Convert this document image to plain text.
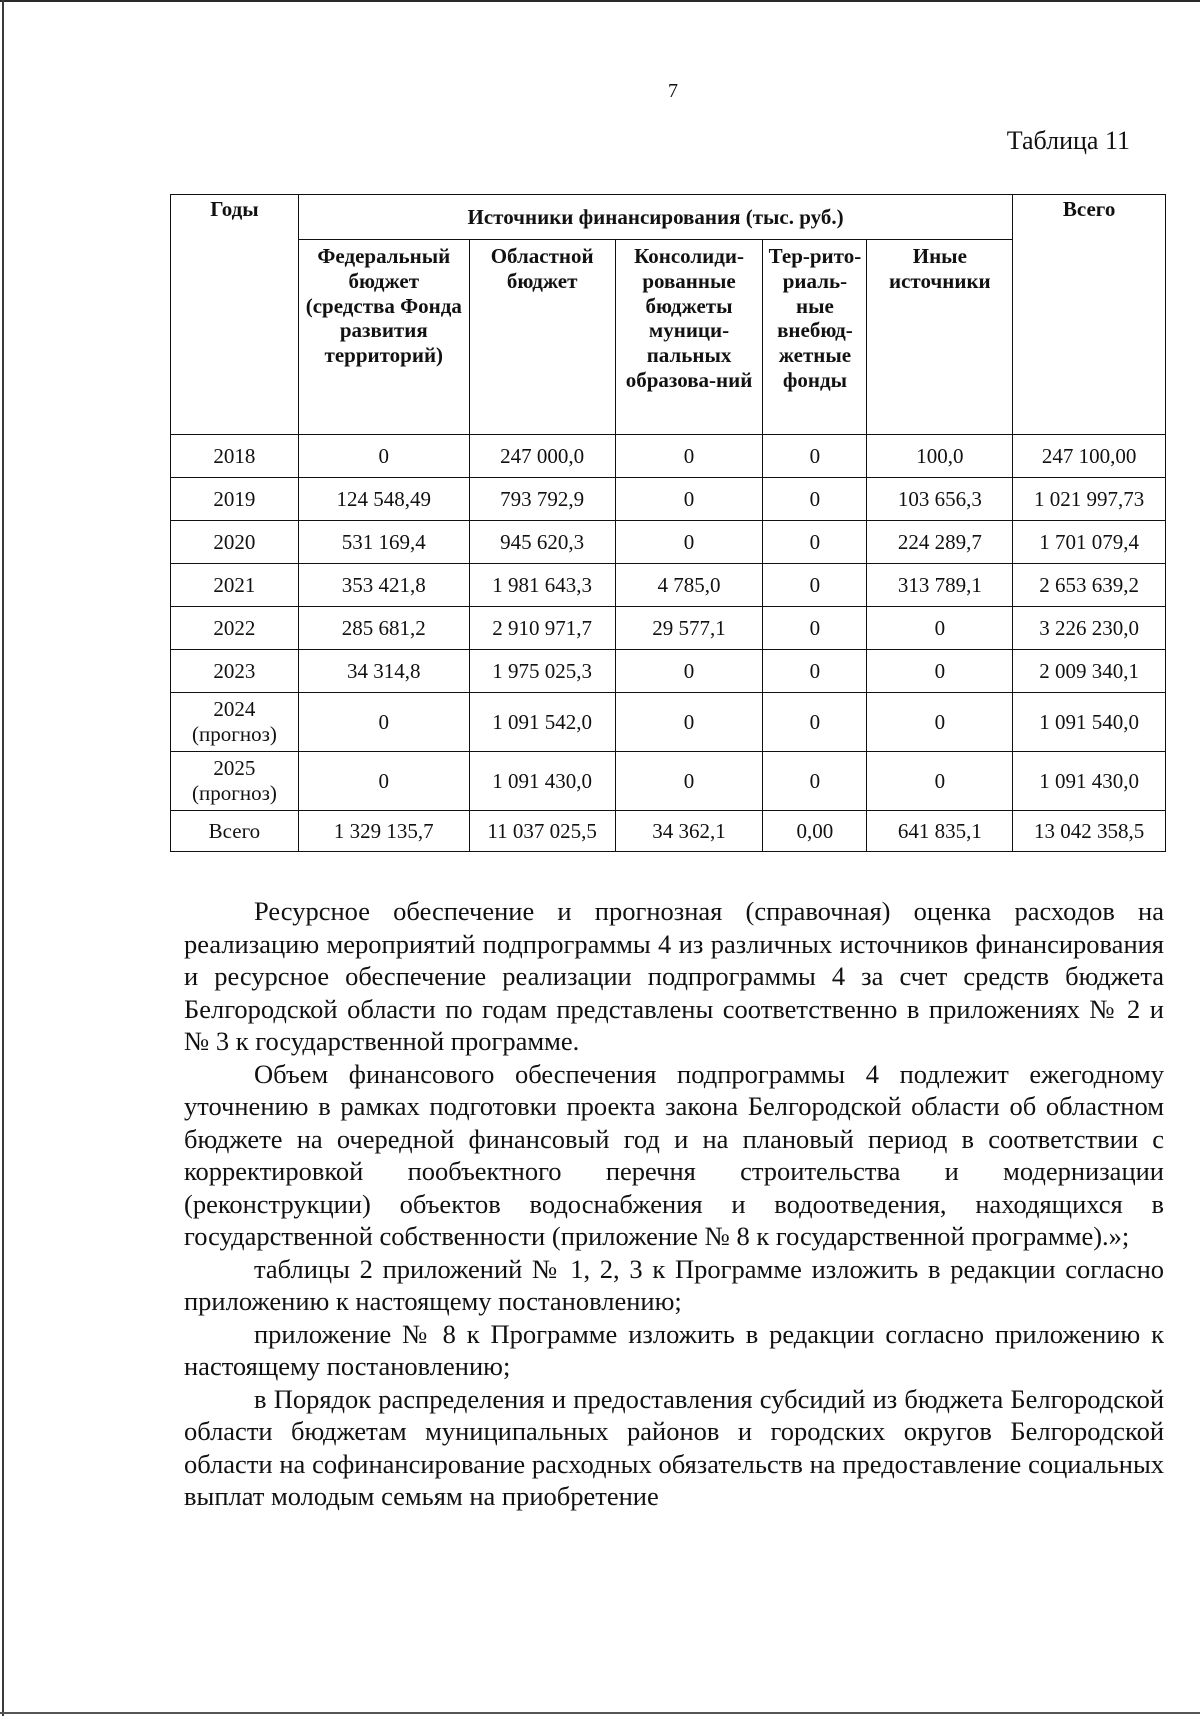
7
Таблица 11
Годы	Источники финансирования (тыс. руб.)					Всего
	Федеральный бюджет (средства Фонда развития территорий)	Областной бюджет	Консолиди-рованные бюджеты муници-пальных образова-ний	Тер-рито-риаль-ные внебюд-жетные фонды	Иные источники	

2018	0	247 000,0	0	0	100,0	247 100,00

2019	124 548,49	793 792,9	0	0	103 656,3	1 021 997,73

2020	531 169,4	945 620,3	0	0	224 289,7	1 701 079,4

2021	353 421,8	1 981 643,3	4 785,0	0	313 789,1	2 653 639,2

2022	285 681,2	2 910 971,7	29 577,1	0	0	3 226 230,0

2023	34 314,8	1 975 025,3	0	0	0	2 009 340,1

2024
(прогноз)	0	1 091 542,0	0	0	0	1 091 540,0

2025
(прогноз)	0	1 091 430,0	0	0	0	1 091 430,0
Всего	1 329 135,7	11 037 025,5	34 362,1	0,00	641 835,1	13 042 358,5

Ресурсное обеспечение и прогнозная (справочная) оценка расходов на реализацию мероприятий подпрограммы 4 из различных источников финансирования и ресурсное обеспечение реализации подпрограммы 4 за счет средств бюджета Белгородской области по годам представлены соответственно в приложениях № 2 и № 3 к государственной программе.

Объем финансового обеспечения подпрограммы 4 подлежит ежегодному уточнению в рамках подготовки проекта закона Белгородской области об областном бюджете на очередной финансовый год и на плановый период в соответствии с корректировкой пообъектного перечня строительства и модернизации (реконструкции) объектов водоснабжения и водоотведения, находящихся в государственной собственности (приложение № 8 к государственной программе).»;

таблицы 2 приложений № 1, 2, 3 к Программе изложить в редакции согласно приложению к настоящему постановлению;

приложение № 8 к Программе изложить в редакции согласно приложению к настоящему постановлению;

в Порядок распределения и предоставления субсидий из бюджета Белгородской области бюджетам муниципальных районов и городских округов Белгородской области на софинансирование расходных обязательств на предоставление социальных выплат молодым семьям на приобретение
